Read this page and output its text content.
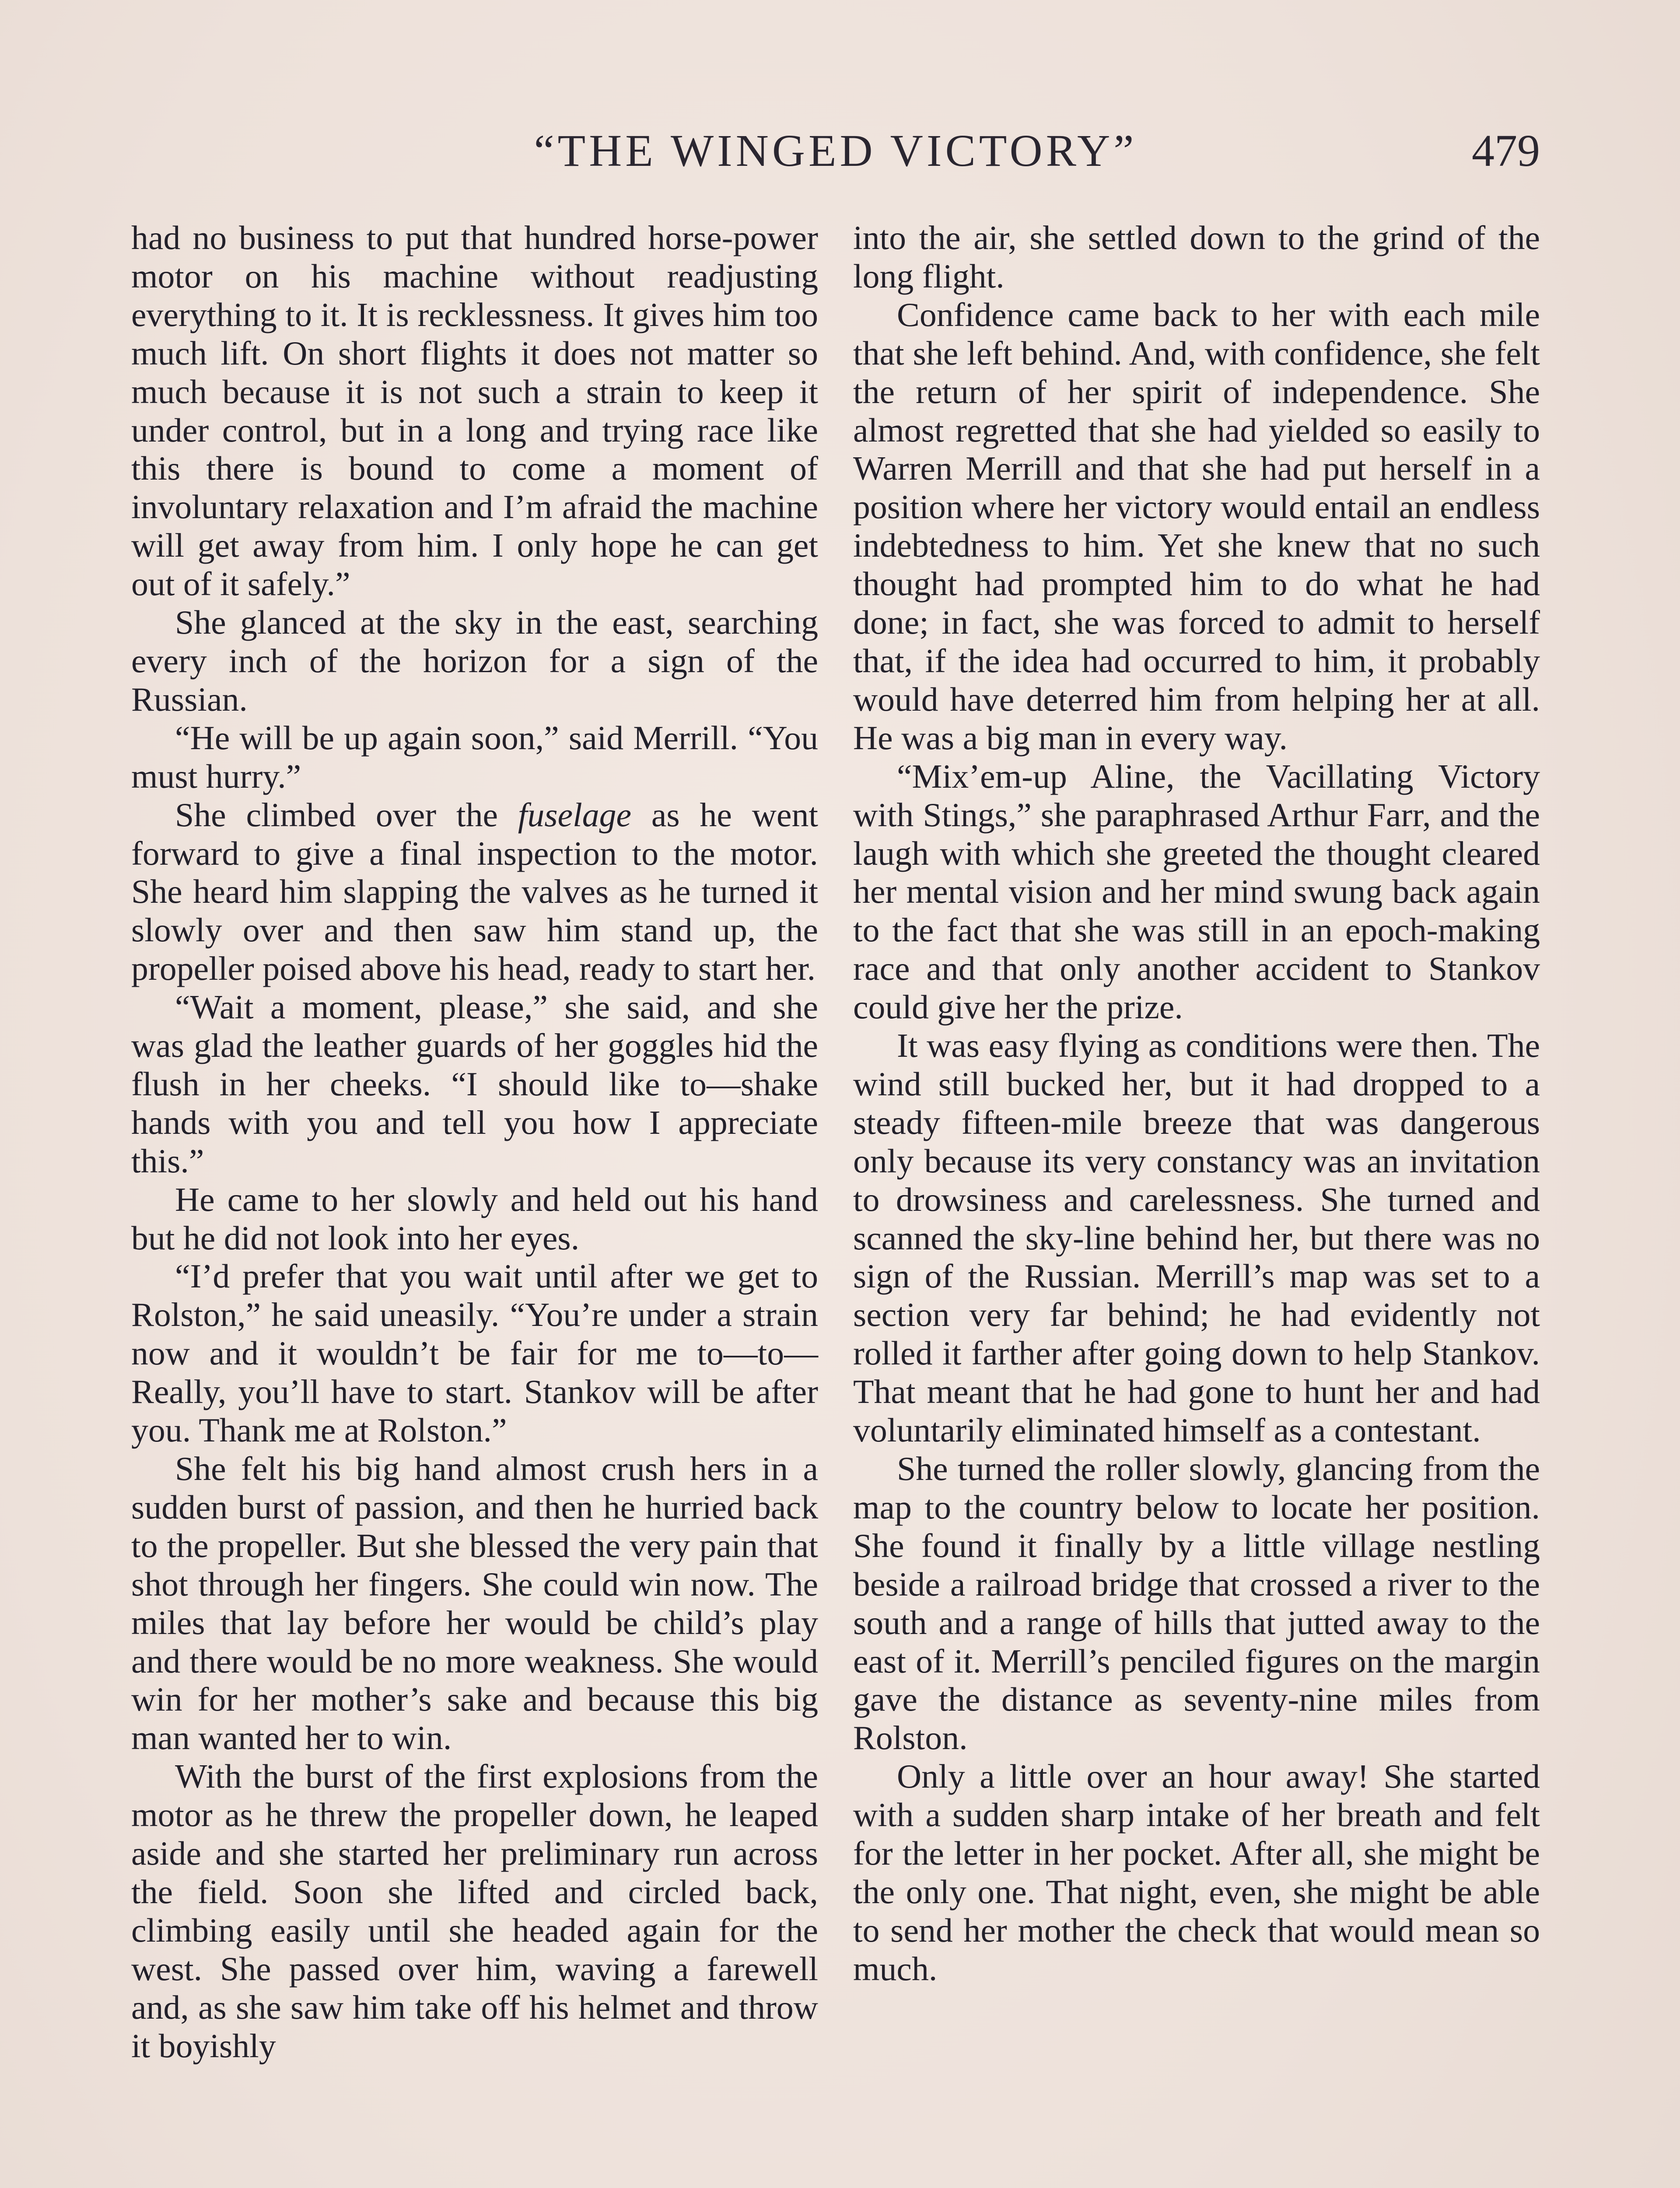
“THE WINGED VICTORY”	479

had no business to put that hundred horse-power motor on his machine without readjusting everything to it. It is recklessness. It gives him too much lift. On short flights it does not matter so much because it is not such a strain to keep it under control, but in a long and trying race like this there is bound to come a moment of involuntary relaxation and I’m afraid the machine will get away from him. I only hope he can get out of it safely.”

She glanced at the sky in the east, searching every inch of the horizon for a sign of the Russian.

“He will be up again soon,” said Merrill. “You must hurry.”

She climbed over the fuselage as he went forward to give a final inspection to the motor. She heard him slapping the valves as he turned it slowly over and then saw him stand up, the propeller poised above his head, ready to start her.

“Wait a moment, please,” she said, and she was glad the leather guards of her goggles hid the flush in her cheeks. “I should like to—shake hands with you and tell you how I appreciate this.”

He came to her slowly and held out his hand but he did not look into her eyes.

“I’d prefer that you wait until after we get to Rolston,” he said uneasily. “You’re under a strain now and it wouldn’t be fair for me to—to— Really, you’ll have to start. Stankov will be after you. Thank me at Rolston.”

She felt his big hand almost crush hers in a sudden burst of passion, and then he hurried back to the propeller. But she blessed the very pain that shot through her fingers. She could win now. The miles that lay before her would be child’s play and there would be no more weakness. She would win for her mother’s sake and because this big man wanted her to win.

With the burst of the first explosions from the motor as he threw the propeller down, he leaped aside and she started her preliminary run across the field. Soon she lifted and circled back, climbing easily until she headed again for the west. She passed over him, waving a farewell and, as she saw him take off his helmet and throw it boyishly

into the air, she settled down to the grind of the long flight.

Confidence came back to her with each mile that she left behind. And, with confidence, she felt the return of her spirit of independence. She almost regretted that she had yielded so easily to Warren Merrill and that she had put herself in a position where her victory would entail an endless indebtedness to him. Yet she knew that no such thought had prompted him to do what he had done; in fact, she was forced to admit to herself that, if the idea had occurred to him, it probably would have deterred him from helping her at all. He was a big man in every way.

“Mix’em-up Aline, the Vacillating Victory with Stings,” she paraphrased Arthur Farr, and the laugh with which she greeted the thought cleared her mental vision and her mind swung back again to the fact that she was still in an epoch-making race and that only another accident to Stankov could give her the prize.

It was easy flying as conditions were then. The wind still bucked her, but it had dropped to a steady fifteen-mile breeze that was dangerous only because its very constancy was an invitation to drowsiness and carelessness. She turned and scanned the sky-line behind her, but there was no sign of the Russian. Merrill’s map was set to a section very far behind; he had evidently not rolled it farther after going down to help Stankov. That meant that he had gone to hunt her and had voluntarily eliminated himself as a contestant.

She turned the roller slowly, glancing from the map to the country below to locate her position. She found it finally by a little village nestling beside a railroad bridge that crossed a river to the south and a range of hills that jutted away to the east of it. Merrill’s penciled figures on the margin gave the distance as seventy-nine miles from Rolston.

Only a little over an hour away! She started with a sudden sharp intake of her breath and felt for the letter in her pocket. After all, she might be the only one. That night, even, she might be able to send her mother the check that would mean so much.
